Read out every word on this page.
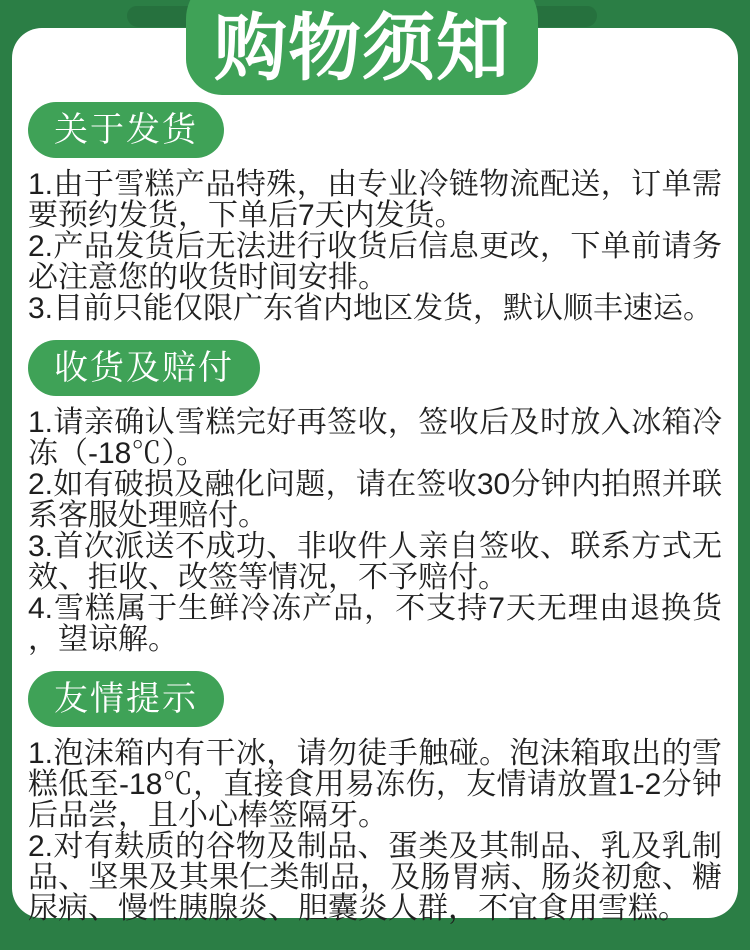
购物须知
关于发货

1.由于雪糕产品特殊，由专业冷链物流配送，订单需要预约发货，下单后7天内发货。

2.产品发货后无法进行收货后信息更改，下单前请务必注意您的收货时间安排。

3.目前只能仅限广东省内地区发货，默认顺丰速运。

收货及赔付

1.请亲确认雪糕完好再签收，签收后及时放入冰箱冷冻（-18℃）。

2.如有破损及融化问题，请在签收30分钟内拍照并联系客服处理赔付。

3.首次派送不成功、非收件人亲自签收、联系方式无效、拒收、改签等情况，不予赔付。

4.雪糕属于生鲜冷冻产品，不支持7天无理由退换货，望谅解。

友情提示

1.泡沫箱内有干冰，请勿徒手触碰。泡沫箱取出的雪糕低至-18℃，直接食用易冻伤，友情请放置1-2分钟后品尝，且小心棒签隔牙。

2.对有麸质的谷物及制品、蛋类及其制品、乳及乳制品、坚果及其果仁类制品，及肠胃病、肠炎初愈、糖尿病、慢性胰腺炎、胆囊炎人群，不宜食用雪糕。
